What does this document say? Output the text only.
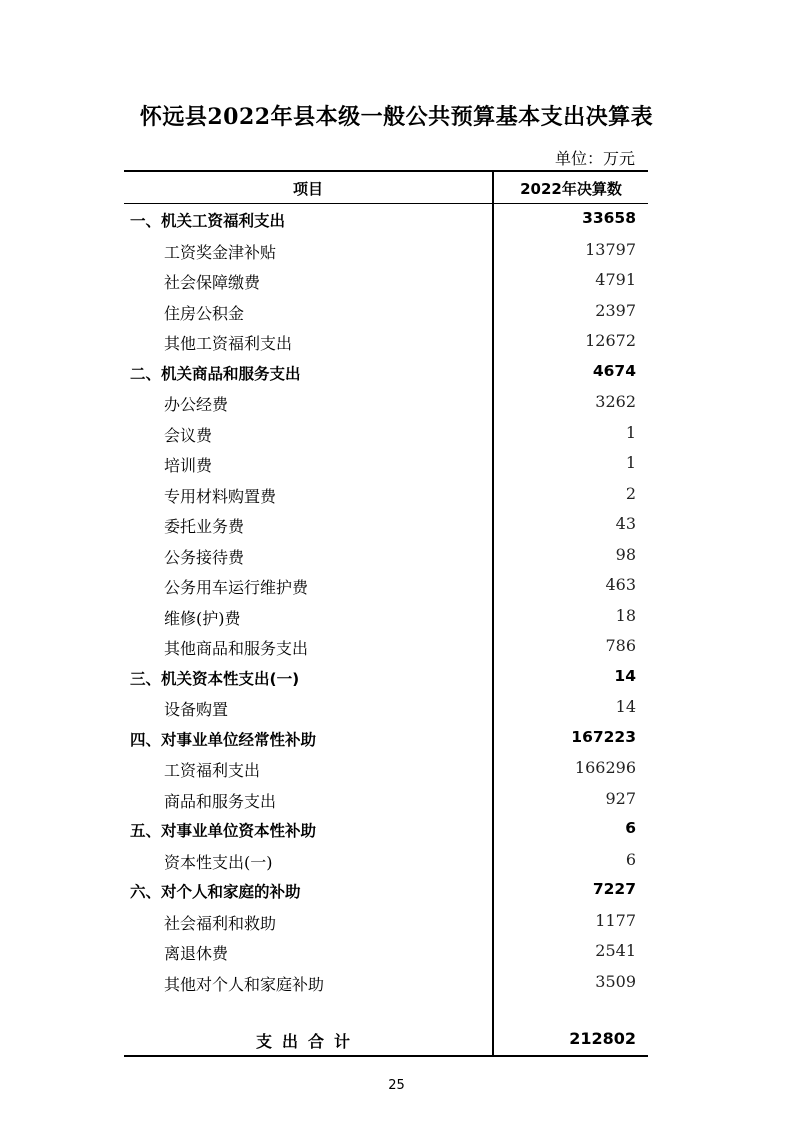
怀远县2022年县本级一般公共预算基本支出决算表
单位：万元
项目	2022年决算数
一、机关工资福利支出	33658
工资奖金津补贴	13797
社会保障缴费	4791
住房公积金	2397
其他工资福利支出	12672
二、机关商品和服务支出	4674
办公经费	3262
会议费	1
培训费	1
专用材料购置费	2
委托业务费	43
公务接待费	98
公务用车运行维护费	463
维修(护)费	18
其他商品和服务支出	786
三、机关资本性支出(一)	14
设备购置	14
四、对事业单位经常性补助	167223
工资福利支出	166296
商品和服务支出	927
五、对事业单位资本性补助	6
资本性支出(一)	6
六、对个人和家庭的补助	7227
社会福利和救助	1177
离退休费	2541
其他对个人和家庭补助	3509
支出合计	212802
25
